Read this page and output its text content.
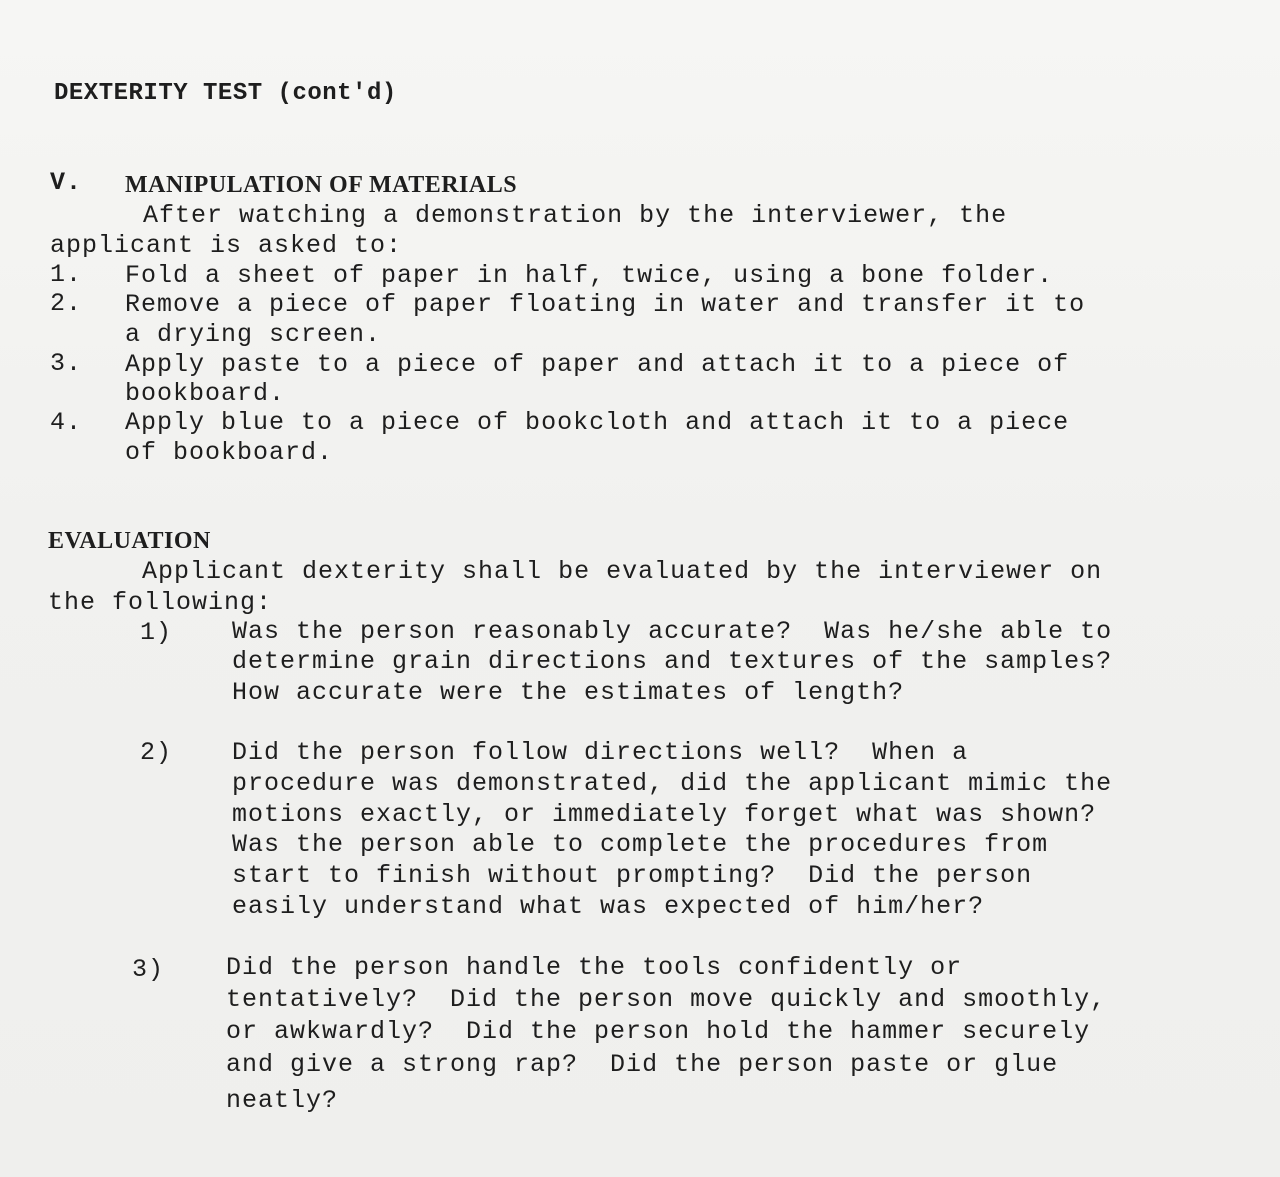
DEXTERITY TEST (cont'd)
V. MANIPULATION OF MATERIALS
After watching a demonstration by the interviewer, the
applicant is asked to:
1. Fold a sheet of paper in half, twice, using a bone folder.
2. Remove a piece of paper floating in water and transfer it to
a drying screen.
3. Apply paste to a piece of paper and attach it to a piece of
bookboard.
4. Apply blue to a piece of bookcloth and attach it to a piece
of bookboard.
EVALUATION
Applicant dexterity shall be evaluated by the interviewer on
the following:
1) Was the person reasonably accurate?  Was he/she able to
determine grain directions and textures of the samples?
How accurate were the estimates of length?
2) Did the person follow directions well?  When a
procedure was demonstrated, did the applicant mimic the
motions exactly, or immediately forget what was shown?
Was the person able to complete the procedures from
start to finish without prompting?  Did the person
easily understand what was expected of him/her?
3) Did the person handle the tools confidently or
tentatively?  Did the person move quickly and smoothly,
or awkwardly?  Did the person hold the hammer securely
and give a strong rap?  Did the person paste or glue
neatly?
